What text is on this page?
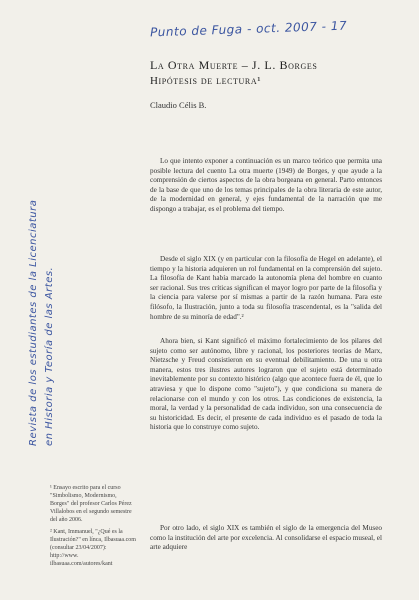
Punto de Fuga - oct. 2007 - 17
Revista de los estudiantes de la Licenciatura en Historia y Teoría de las Artes.
La Otra Muerte – J. L. Borges
Hipótesis de lectura¹
Claudio Célis B.

Lo que intento exponer a continuación es un marco teórico que permita una posible lectura del cuento La otra muerte (1949) de Borges, y que ayude a la comprensión de ciertos aspectos de la obra borgeana en general. Parto entonces de la base de que uno de los temas principales de la obra literaria de este autor, de la modernidad en general, y ejes fundamental de la narración que me dispongo a trabajar, es el problema del tiempo.

Desde el siglo XIX (y en particular con la filosofía de Hegel en adelante), el tiempo y la historia adquieren un rol fundamental en la comprensión del sujeto. La filosofía de Kant había marcado la autonomía plena del hombre en cuanto ser racional. Sus tres críticas significan el mayor logro por parte de la filosofía y la ciencia para valerse por sí mismas a partir de la razón humana. Para este filósofo, la Ilustración, junto a toda su filosofía trascendental, es la "salida del hombre de su minoría de edad".²

Ahora bien, si Kant significó el máximo fortalecimiento de los pilares del sujeto como ser autónomo, libre y racional, los posteriores teorías de Marx, Nietzsche y Freud consistieron en su eventual debilitamiento. De una u otra manera, estos tres ilustres autores lograron que el sujeto está determinado inevitablemente por su contexto histórico (algo que acontece fuera de él, que lo atraviesa y que lo dispone como "sujeto"), y que condiciona su manera de relacionarse con el mundo y con los otros. Las condiciones de existencia, la moral, la verdad y la personalidad de cada individuo, son una consecuencia de su historicidad. Es decir, el presente de cada individuo es el pasado de toda la historia que lo construye como sujeto.

Por otro lado, el siglo XIX es también el siglo de la emergencia del Museo como la institución del arte por excelencia. Al consolidarse el espacio museal, el arte adquiere

¹ Ensayo escrito para el curso "Simbolismo, Modernismo, Borges" del profesor Carlos Pérez Villalobos en el segundo semestre del año 2006.

² Kant, Immanuel, "¿Qué es la Ilustración?" en línca, Ilbasuaa.com (consultar 23/04/2007): http://www. ilbasuaa.com/autores/kant
